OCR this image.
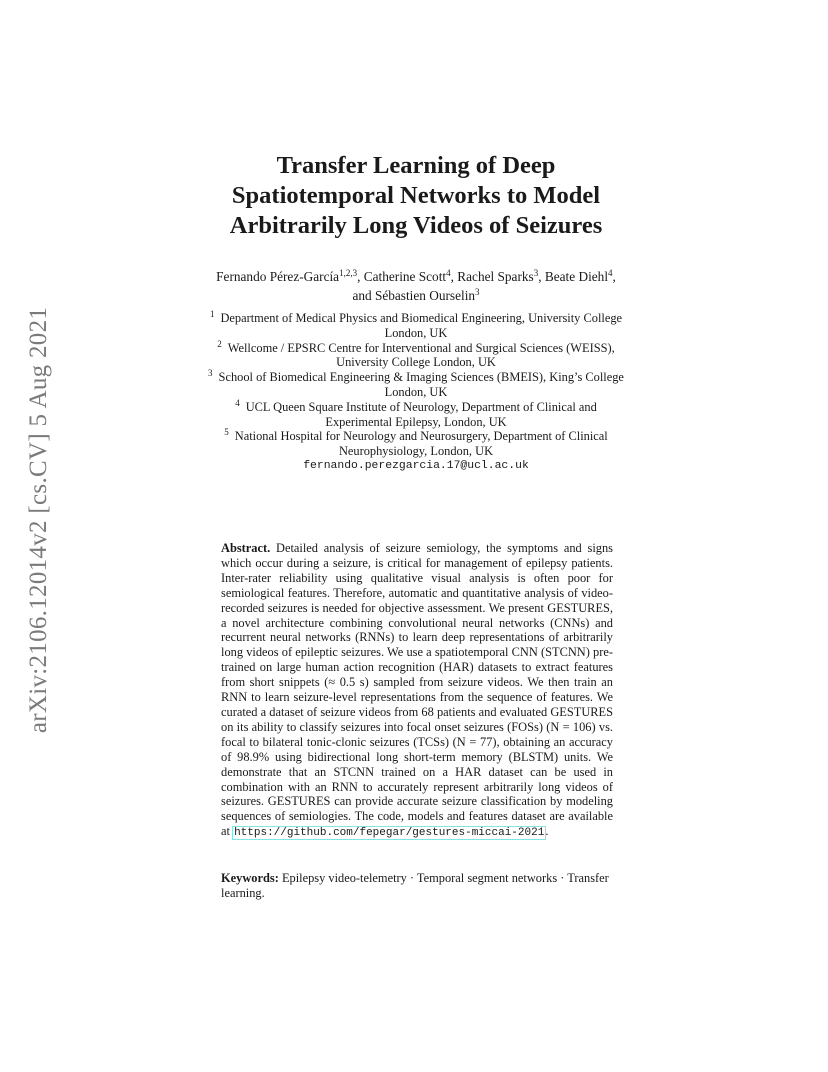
arXiv:2106.12014v2 [cs.CV] 5 Aug 2021
Transfer Learning of Deep
Spatiotemporal Networks to Model
Arbitrarily Long Videos of Seizures
Fernando Pérez-García$^{1,2,3}$, Catherine Scott$^4$, Rachel Sparks$^3$, Beate Diehl$^4$,
and Sébastien Ourselin$^3$
$^1$ Department of Medical Physics and Biomedical Engineering, University College
London, UK
$^2$ Wellcome / EPSRC Centre for Interventional and Surgical Sciences (WEISS),
University College London, UK
$^3$ School of Biomedical Engineering & Imaging Sciences (BMEIS), King’s College
London, UK
$^4$ UCL Queen Square Institute of Neurology, Department of Clinical and
Experimental Epilepsy, London, UK
$^5$ National Hospital for Neurology and Neurosurgery, Department of Clinical
Neurophysiology, London, UK
fernando.perezgarcia.17@ucl.ac.uk
Abstract. Detailed analysis of seizure semiology, the symptoms and signs which occur during a seizure, is critical for management of epilepsy patients. Inter-rater reliability using qualitative visual analysis is often poor for semiological features. Therefore, automatic and quantitative analysis of video-recorded seizures is needed for objective assessment. We present GESTURES, a novel architecture combining convolutional neural networks (CNNs) and recurrent neural networks (RNNs) to learn deep representations of arbitrarily long videos of epileptic seizures. We use a spatiotemporal CNN (STCNN) pre-trained on large human action recognition (HAR) datasets to extract features from short snippets (≈ 0.5 s) sampled from seizure videos. We then train an RNN to learn seizure-level representations from the sequence of features. We curated a dataset of seizure videos from 68 patients and evaluated GESTURES on its ability to classify seizures into focal onset seizures (FOSs) (N = 106) vs. focal to bilateral tonic-clonic seizures (TCSs) (N = 77), obtaining an accuracy of 98.9% using bidirectional long short-term memory (BLSTM) units. We demonstrate that an STCNN trained on a HAR dataset can be used in combination with an RNN to accurately represent arbitrarily long videos of seizures. GESTURES can provide accurate seizure classification by modeling sequences of semiologies. The code, models and features dataset are available at https://github.com/fepegar/gestures-miccai-2021.
Keywords: Epilepsy video-telemetry · Temporal segment networks · Transfer learning.
